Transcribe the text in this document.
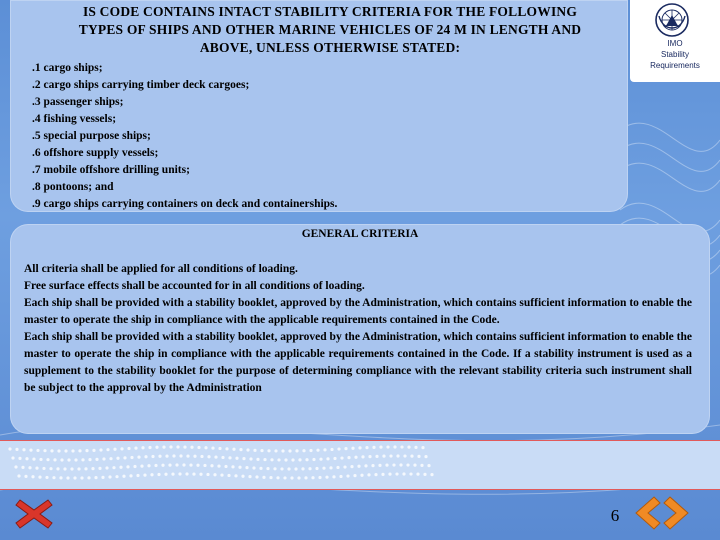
IS CODE CONTAINS INTACT STABILITY CRITERIA FOR THE FOLLOWING
TYPES OF SHIPS AND OTHER MARINE VEHICLES OF 24 M IN LENGTH AND
ABOVE, UNLESS OTHERWISE STATED:
.1 cargo ships;
.2 cargo ships carrying timber deck cargoes;
.3 passenger ships;
.4 fishing vessels;
.5 special purpose ships;
.6 offshore supply vessels;
.7 mobile offshore drilling units;
.8 pontoons; and
.9 cargo ships carrying containers on deck and containerships.
IMO
Stability
Requirements
GENERAL CRITERIA

All criteria shall be applied for all conditions of loading.

Free surface effects shall be accounted for in all conditions of loading.

Each ship shall be provided with a stability booklet, approved by the Administration, which contains sufficient information to enable the master to operate the ship in compliance with the applicable requirements contained in the Code.

Each ship shall be provided with a stability booklet, approved by the Administration, which contains sufficient information to enable the master to operate the ship in compliance with the applicable requirements contained in the Code. If a stability instrument is used as a supplement to the stability booklet for the purpose of determining compliance with the relevant stability criteria such instrument shall be subject to the approval by the Administration

6
